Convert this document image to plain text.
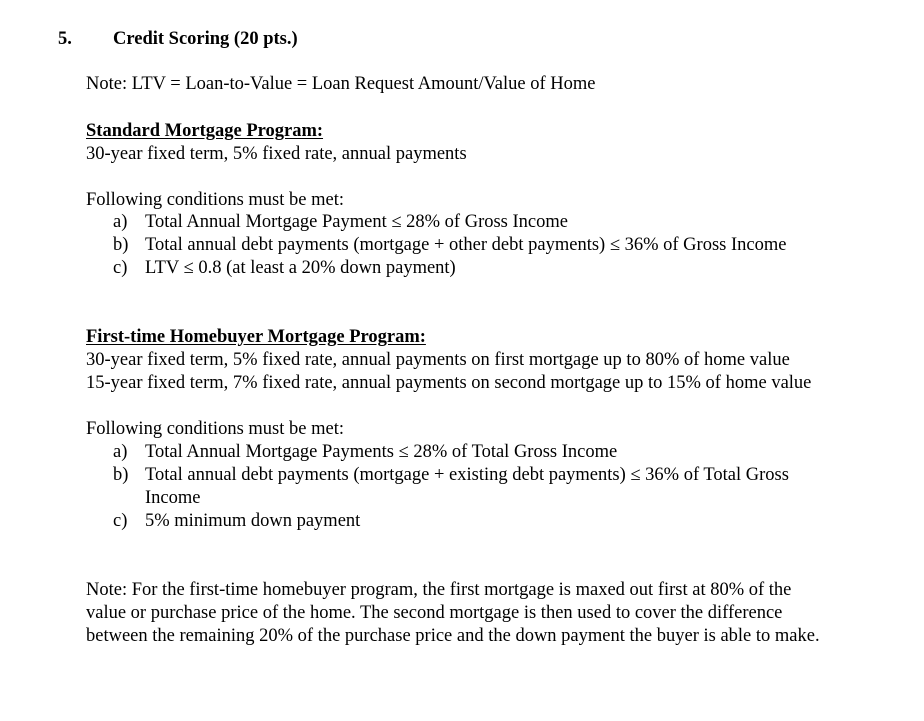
5. Credit Scoring (20 pts.)
Note: LTV = Loan-to-Value = Loan Request Amount/Value of Home
Standard Mortgage Program:
30-year fixed term, 5% fixed rate, annual payments
Following conditions must be met:
a) Total Annual Mortgage Payment ≤ 28% of Gross Income
b) Total annual debt payments (mortgage + other debt payments) ≤ 36% of Gross Income
c) LTV ≤ 0.8 (at least a 20% down payment)
First-time Homebuyer Mortgage Program:
30-year fixed term, 5% fixed rate, annual payments on first mortgage up to 80% of home value
15-year fixed term, 7% fixed rate, annual payments on second mortgage up to 15% of home value
Following conditions must be met:
a) Total Annual Mortgage Payments ≤ 28% of Total Gross Income
b) Total annual debt payments (mortgage + existing debt payments) ≤ 36% of Total Gross
Income
c) 5% minimum down payment
Note: For the first-time homebuyer program, the first mortgage is maxed out first at 80% of the
value or purchase price of the home. The second mortgage is then used to cover the difference
between the remaining 20% of the purchase price and the down payment the buyer is able to make.
